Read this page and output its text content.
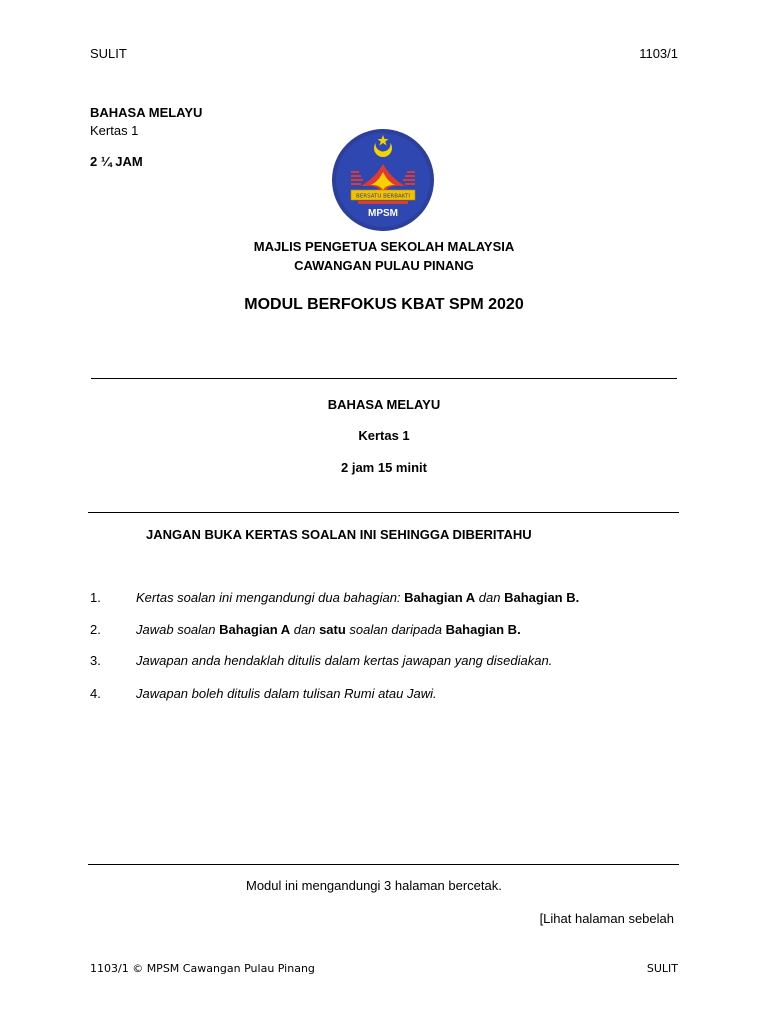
SULIT	1103/1
BAHASA MELAYU
Kertas 1
2 ¼ JAM
BERSATU BERBAKTI
MPSM
MAJLIS PENGETUA SEKOLAH MALAYSIA
CAWANGAN PULAU PINANG
MODUL BERFOKUS KBAT SPM 2020
BAHASA MELAYU
Kertas 1
2 jam 15 minit
JANGAN BUKA KERTAS SOALAN INI SEHINGGA DIBERITAHU
1.	Kertas soalan ini mengandungi dua bahagian: Bahagian A dan Bahagian B.
2.	Jawab soalan Bahagian A dan satu soalan daripada Bahagian B.
3.	Jawapan anda hendaklah ditulis dalam kertas jawapan yang disediakan.
4.	Jawapan boleh ditulis dalam tulisan Rumi atau Jawi.
Modul ini mengandungi 3 halaman bercetak.
[Lihat halaman sebelah
1103/1 © MPSM Cawangan Pulau Pinang	SULIT
